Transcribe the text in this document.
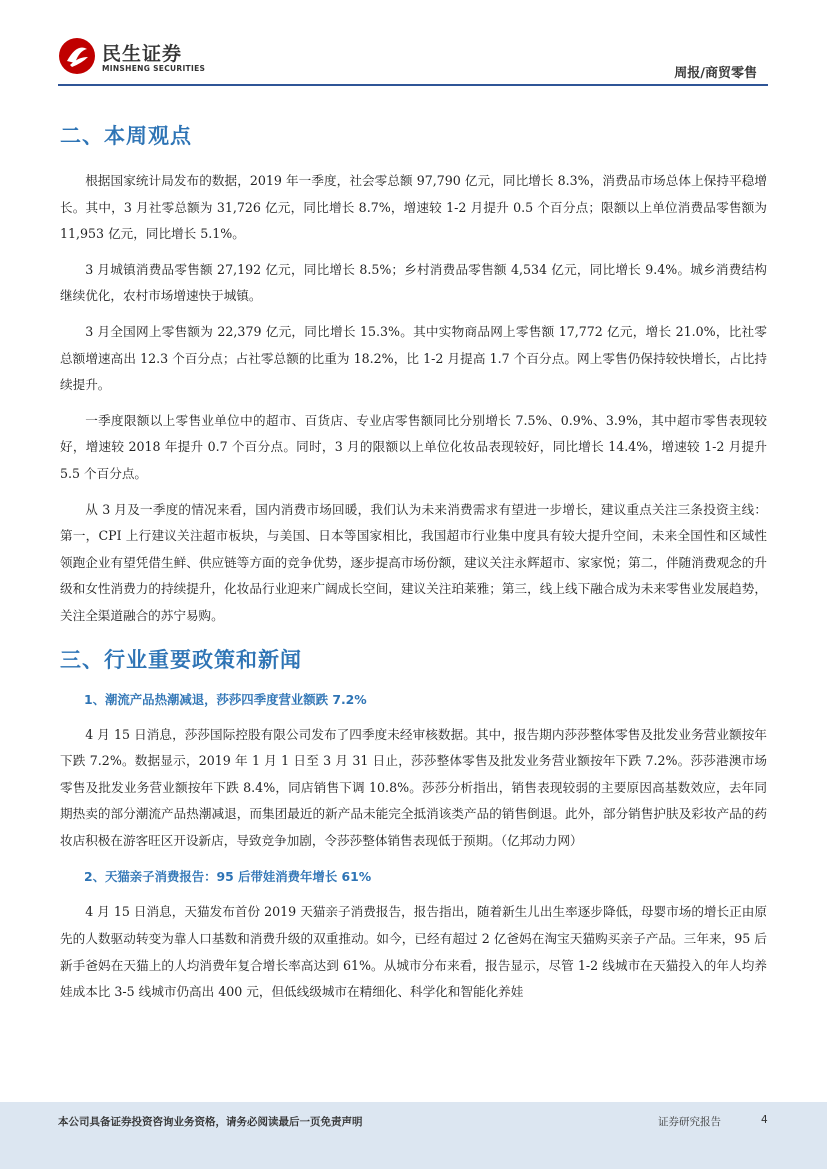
民生证券
MINSHENG SECURITIES	周报/商贸零售
二、本周观点

根据国家统计局发布的数据，2019 年一季度，社会零总额 97,790 亿元，同比增长 8.3%，消费品市场总体上保持平稳增长。其中，3 月社零总额为 31,726 亿元，同比增长 8.7%，增速较 1-2 月提升 0.5 个百分点；限额以上单位消费品零售额为 11,953 亿元，同比增长 5.1%。

3 月城镇消费品零售额 27,192 亿元，同比增长 8.5%；乡村消费品零售额 4,534 亿元，同比增长 9.4%。城乡消费结构继续优化，农村市场增速快于城镇。

3 月全国网上零售额为 22,379 亿元，同比增长 15.3%。其中实物商品网上零售额 17,772 亿元，增长 21.0%，比社零总额增速高出 12.3 个百分点；占社零总额的比重为 18.2%，比 1-2 月提高 1.7 个百分点。网上零售仍保持较快增长，占比持续提升。

一季度限额以上零售业单位中的超市、百货店、专业店零售额同比分别增长 7.5%、0.9%、3.9%，其中超市零售表现较好，增速较 2018 年提升 0.7 个百分点。同时，3 月的限额以上单位化妆品表现较好，同比增长 14.4%，增速较 1-2 月提升 5.5 个百分点。

从 3 月及一季度的情况来看，国内消费市场回暖，我们认为未来消费需求有望进一步增长，建议重点关注三条投资主线：第一，CPI 上行建议关注超市板块，与美国、日本等国家相比，我国超市行业集中度具有较大提升空间，未来全国性和区域性领跑企业有望凭借生鲜、供应链等方面的竞争优势，逐步提高市场份额，建议关注永辉超市、家家悦；第二，伴随消费观念的升级和女性消费力的持续提升，化妆品行业迎来广阔成长空间，建议关注珀莱雅；第三，线上线下融合成为未来零售业发展趋势，关注全渠道融合的苏宁易购。

三、行业重要政策和新闻
1、潮流产品热潮减退，莎莎四季度营业额跌 7.2%

4 月 15 日消息，莎莎国际控股有限公司发布了四季度未经审核数据。其中，报告期内莎莎整体零售及批发业务营业额按年下跌 7.2%。数据显示，2019 年 1 月 1 日至 3 月 31 日止，莎莎整体零售及批发业务营业额按年下跌 7.2%。莎莎港澳市场零售及批发业务营业额按年下跌 8.4%，同店销售下调 10.8%。莎莎分析指出，销售表现较弱的主要原因高基数效应，去年同期热卖的部分潮流产品热潮减退，而集团最近的新产品未能完全抵消该类产品的销售倒退。此外，部分销售护肤及彩妆产品的药妆店积极在游客旺区开设新店，导致竞争加剧，令莎莎整体销售表现低于预期。（亿邦动力网）

2、天猫亲子消费报告：95 后带娃消费年增长 61%

4 月 15 日消息，天猫发布首份 2019 天猫亲子消费报告，报告指出，随着新生儿出生率逐步降低，母婴市场的增长正由原先的人数驱动转变为靠人口基数和消费升级的双重推动。如今，已经有超过 2 亿爸妈在淘宝天猫购买亲子产品。三年来，95 后新手爸妈在天猫上的人均消费年复合增长率高达到 61%。从城市分布来看，报告显示，尽管 1-2 线城市在天猫投入的年人均养娃成本比 3-5 线城市仍高出 400 元，但低线级城市在精细化、科学化和智能化养娃

本公司具备证券投资咨询业务资格，请务必阅读最后一页免责声明	证券研究报告	4
